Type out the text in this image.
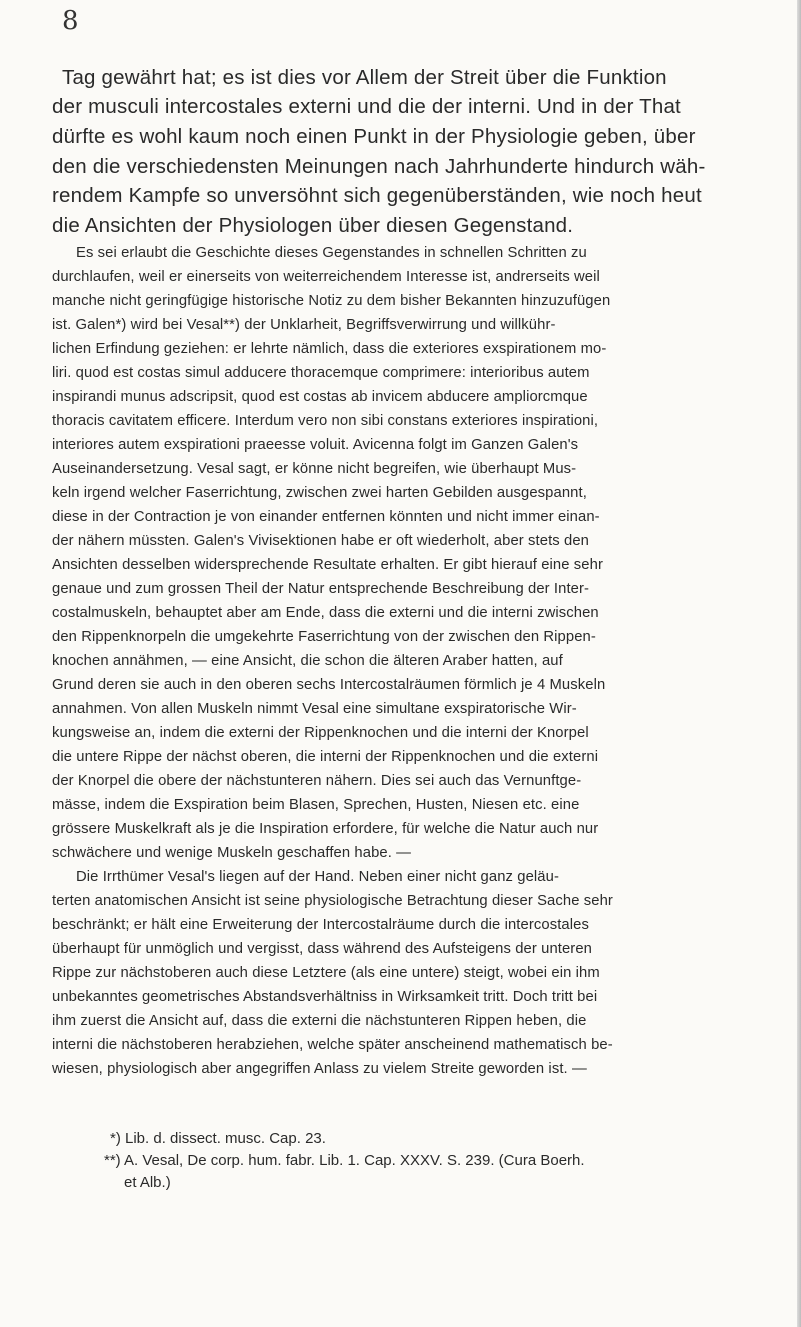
8
Tag gewährt hat; es ist dies vor Allem der Streit über die Funktion
der musculi intercostales externi und die der interni. Und in der That
dürfte es wohl kaum noch einen Punkt in der Physiologie geben, über
den die verschiedensten Meinungen nach Jahrhunderte hindurch wäh-
rendem Kampfe so unversöhnt sich gegenüberständen, wie noch heut
die Ansichten der Physiologen über diesen Gegenstand.
Es sei erlaubt die Geschichte dieses Gegenstandes in schnellen Schritten zu
durchlaufen, weil er einerseits von weiterreichendem Interesse ist, andrerseits weil
manche nicht geringfügige historische Notiz zu dem bisher Bekannten hinzuzufügen
ist. Galen*) wird bei Vesal**) der Unklarheit, Begriffsverwirrung und willkühr-
lichen Erfindung geziehen: er lehrte nämlich, dass die exteriores exspirationem mo-
liri. quod est costas simul adducere thoracemque comprimere: interioribus autem
inspirandi munus adscripsit, quod est costas ab invicem abducere ampliorcmque
thoracis cavitatem efficere. Interdum vero non sibi constans exteriores inspirationi,
interiores autem exspirationi praeesse voluit. Avicenna folgt im Ganzen Galen's
Auseinandersetzung. Vesal sagt, er könne nicht begreifen, wie überhaupt Mus-
keln irgend welcher Faserrichtung, zwischen zwei harten Gebilden ausgespannt,
diese in der Contraction je von einander entfernen könnten und nicht immer einan-
der nähern müssten. Galen's Vivisektionen habe er oft wiederholt, aber stets den
Ansichten desselben widersprechende Resultate erhalten. Er gibt hierauf eine sehr
genaue und zum grossen Theil der Natur entsprechende Beschreibung der Inter-
costalmuskeln, behauptet aber am Ende, dass die externi und die interni zwischen
den Rippenknorpeln die umgekehrte Faserrichtung von der zwischen den Rippen-
knochen annähmen, — eine Ansicht, die schon die älteren Araber hatten, auf
Grund deren sie auch in den oberen sechs Intercostalräumen förmlich je 4 Muskeln
annahmen. Von allen Muskeln nimmt Vesal eine simultane exspiratorische Wir-
kungsweise an, indem die externi der Rippenknochen und die interni der Knorpel
die untere Rippe der nächst oberen, die interni der Rippenknochen und die externi
der Knorpel die obere der nächstunteren nähern. Dies sei auch das Vernunftge-
mässe, indem die Exspiration beim Blasen, Sprechen, Husten, Niesen etc. eine
grössere Muskelkraft als je die Inspiration erfordere, für welche die Natur auch nur
schwächere und wenige Muskeln geschaffen habe. —
Die Irrthümer Vesal's liegen auf der Hand. Neben einer nicht ganz geläu-
terten anatomischen Ansicht ist seine physiologische Betrachtung dieser Sache sehr
beschränkt; er hält eine Erweiterung der Intercostalräume durch die intercostales
überhaupt für unmöglich und vergisst, dass während des Aufsteigens der unteren
Rippe zur nächstoberen auch diese Letztere (als eine untere) steigt, wobei ein ihm
unbekanntes geometrisches Abstandsverhältniss in Wirksamkeit tritt. Doch tritt bei
ihm zuerst die Ansicht auf, dass die externi die nächstunteren Rippen heben, die
interni die nächstoberen herabziehen, welche später anscheinend mathematisch be-
wiesen, physiologisch aber angegriffen Anlass zu vielem Streite geworden ist. —
*) Lib. d. dissect. musc. Cap. 23.
**) A. Vesal, De corp. hum. fabr. Lib. 1. Cap. XXXV. S. 239. (Cura Boerh.
et Alb.)
